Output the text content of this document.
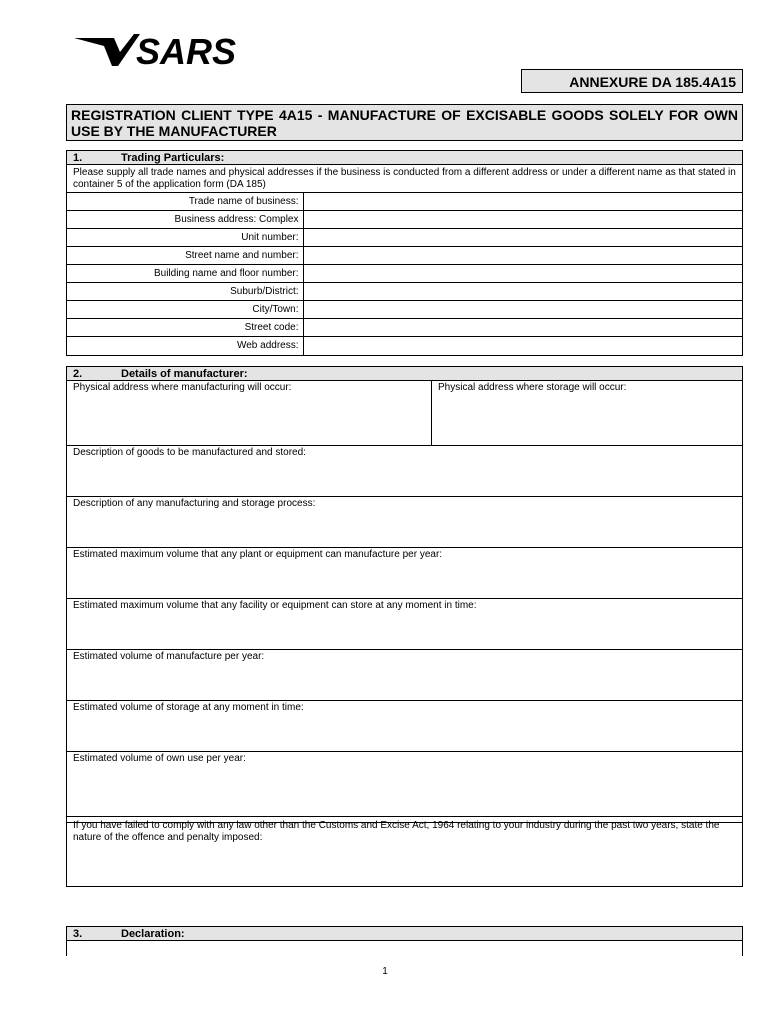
SARS
ANNEXURE DA 185.4A15
REGISTRATION CLIENT TYPE 4A15 - MANUFACTURE OF EXCISABLE GOODS SOLELY FOR OWN USE BY THE MANUFACTURER
1.	Trading Particulars:
Please supply all trade names and physical addresses if the business is conducted from a different address or under a different name as that stated in container 5 of the application form (DA 185)
Trade name of business:	
Business address: Complex	
Unit number:	
Street name and number:	
Building name and floor number:	
Suburb/District:	
City/Town:	
Street code:	
Web address:	
2.	Details of manufacturer:
Physical address where manufacturing will occur:	Physical address where storage will occur:
Description of goods to be manufactured and stored:
Description of any manufacturing and storage process:
Estimated maximum volume that any plant or equipment can manufacture per year:
Estimated maximum volume that any facility or equipment can store at any moment in time:
Estimated volume of manufacture per year:
Estimated volume of storage at any moment in time:
Estimated volume of own use per year:
If you have failed to comply with any law other than the Customs and Excise Act, 1964 relating to your industry during the past two years, state the nature of the offence and penalty imposed:
3.	Declaration:
1
